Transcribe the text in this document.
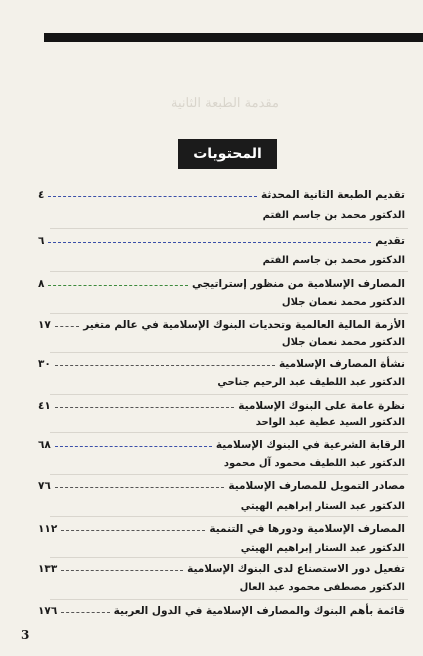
مقدمة الطبعة الثانية
المحتويات
تقديم الطبعة الثانية المحدثة
٤
الدكتور محمد بن جاسم الفتم
تقديم
٦
الدكتور محمد بن جاسم الفتم
المصارف الإسلامية من منظور إستراتيجي
٨
الدكتور محمد نعمان جلال
الأزمة المالية العالمية وتحديات البنوك الإسلامية في عالم متغير
١٧
الدكتور محمد نعمان جلال
نشأة المصارف الإسلامية
٣٠
الدكتور عبد اللطيف عبد الرحيم جناحي
نظرة عامة على البنوك الإسلامية
٤١
الدكتور السيد عطية عبد الواحد
الرقابة الشرعية في البنوك الإسلامية
٦٨
الدكتور عبد اللطيف محمود آل محمود
مصادر التمويل للمصارف الإسلامية
٧٦
الدكتور عبد الستار إبراهيم الهيتي
المصارف الإسلامية ودورها في التنمية
١١٢
الدكتور عبد الستار إبراهيم الهيتي
تفعيل دور الاستصناع لدى البنوك الإسلامية
١٣٣
الدكتور مصطفى محمود عبد العال
قائمة بأهم البنوك والمصارف الإسلامية في الدول العربية
١٧٦
3
